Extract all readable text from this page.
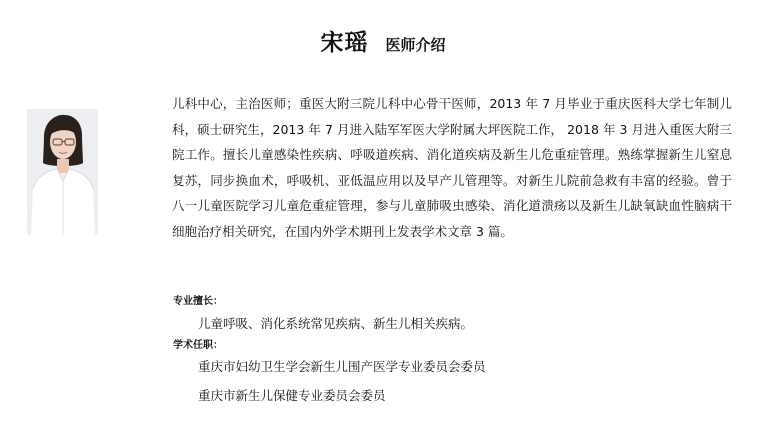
宋瑶 医师介绍

儿科中心，主治医师；重医大附三院儿科中心骨干医师，2013 年 7 月毕业于重庆医科大学七年制儿科，硕士研究生，2013 年 7 月进入陆军军医大学附属大坪医院工作， 2018 年 3 月进入重医大附三院工作。擅长儿童感染性疾病、呼吸道疾病、消化道疾病及新生儿危重症管理。熟练掌握新生儿窒息复苏，同步换血术，呼吸机、亚低温应用以及早产儿管理等。对新生儿院前急救有丰富的经验。曾于八一儿童医院学习儿童危重症管理，参与儿童肺吸虫感染、消化道溃疡以及新生儿缺氧缺血性脑病干细胞治疗相关研究，在国内外学术期刊上发表学术文章 3 篇。

专业擅长：
儿童呼吸、消化系统常见疾病、新生儿相关疾病。
学术任职：
重庆市妇幼卫生学会新生儿围产医学专业委员会委员
重庆市新生儿保健专业委员会委员
